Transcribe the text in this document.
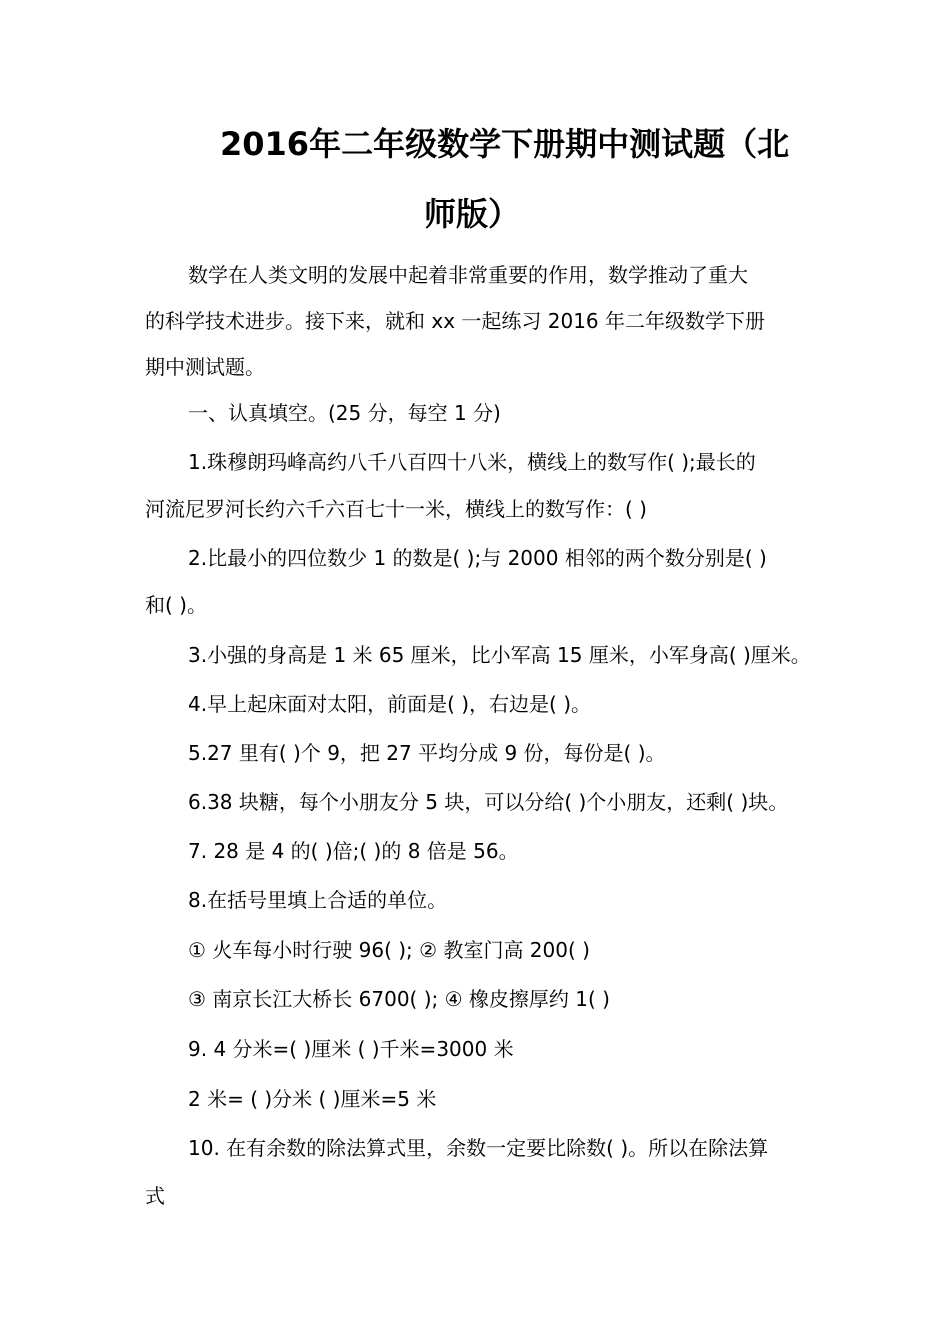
2016年二年级数学下册期中测试题（北
师版）
数学在人类文明的发展中起着非常重要的作用，数学推动了重大
的科学技术进步。接下来，就和 xx 一起练习 2016 年二年级数学下册
期中测试题。
一、认真填空。(25 分，每空 1 分)
1.珠穆朗玛峰高约八千八百四十八米，横线上的数写作( );最长的
河流尼罗河长约六千六百七十一米，横线上的数写作：( )
2.比最小的四位数少 1 的数是( );与 2000 相邻的两个数分别是( )
和( )。
3.小强的身高是 1 米 65 厘米，比小军高 15 厘米，小军身高( )厘米。
4.早上起床面对太阳，前面是( )，右边是( )。
5.27 里有( )个 9，把 27 平均分成 9 份，每份是( )。
6.38 块糖，每个小朋友分 5 块，可以分给( )个小朋友，还剩( )块。
7. 28 是 4 的( )倍;( )的 8 倍是 56。
8.在括号里填上合适的单位。
① 火车每小时行驶 96( ); ② 教室门高 200( )
③ 南京长江大桥长 6700( ); ④ 橡皮擦厚约 1( )
9. 4 分米=( )厘米 ( )千米=3000 米
2 米= ( )分米 ( )厘米=5 米
10. 在有余数的除法算式里，余数一定要比除数( )。所以在除法算
式
